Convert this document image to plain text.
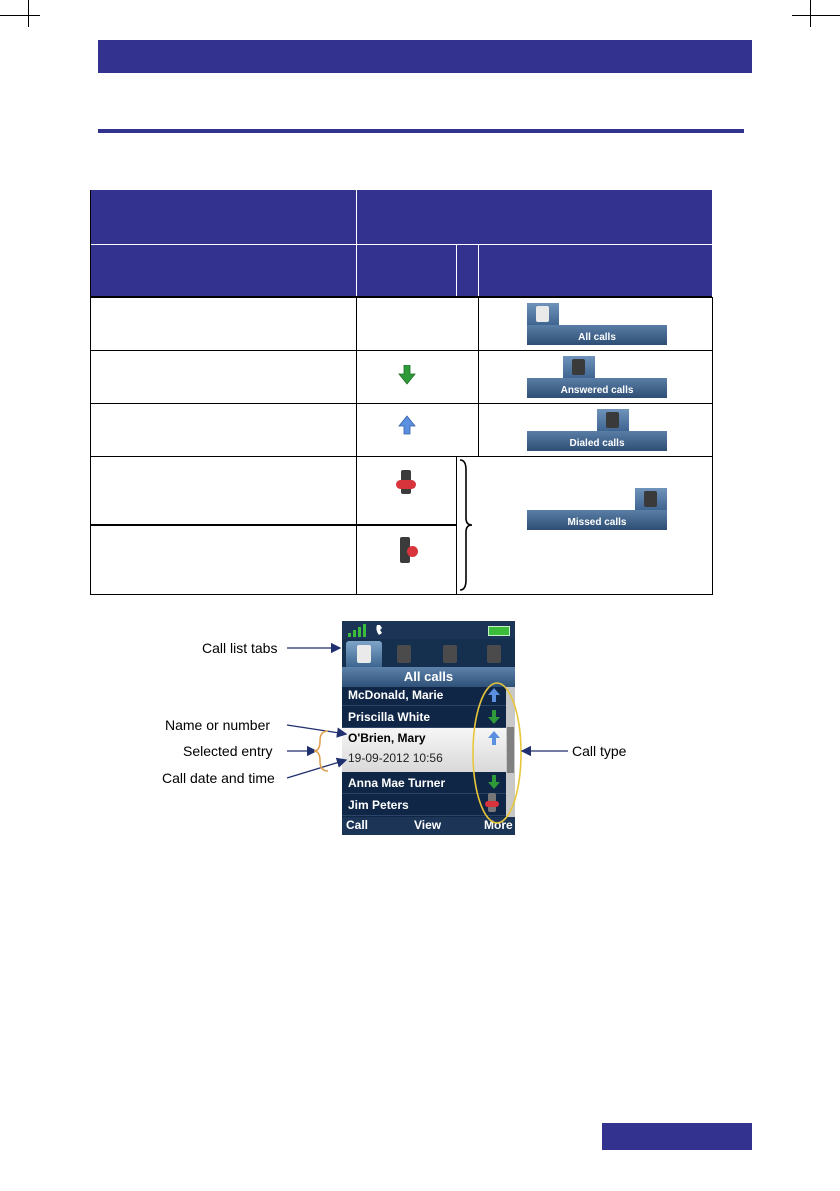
All calls
Answered calls
Dialed calls
Missed calls
All calls
McDonald, Marie
Priscilla White
O'Brien, Mary
19-09-2012 10:56
Anna Mae Turner
Jim Peters
Call	View	More
Call list tabs
Name or number
Selected entry
Call date and time
Call type
